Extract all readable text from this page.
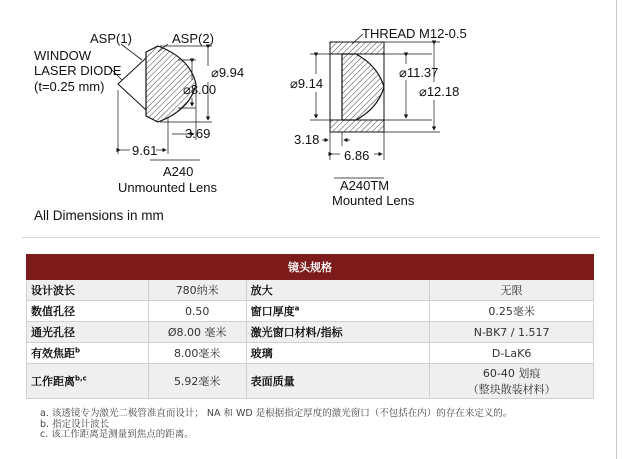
ASP(1)	ASP(2)
WINDOW
LASER DIODE
(t=0.25 mm)
⌀9.94
⌀8.00
3.69
9.61
A240
Unmounted Lens
THREAD M12-0.5
⌀9.14
⌀11.37
⌀12.18
3.18
6.86
A240TM
Mounted Lens
All Dimensions in mm
镜头规格			
设计波长	780纳米	放大	无限
数值孔径	0.50	窗口厚度$^a$	0.25毫米
通光孔径	Ø8.00 毫米	激光窗口材料/指标	N-BK7 / 1.517
有效焦距$^b$	8.00毫米	玻璃	D-LaK6
工作距离$^{b,c}$	5.92毫米	表面质量	60-40 划痕
（整块散装材料）
a. 该透镜专为激光二极管准直而设计； NA 和 WD 是根据指定厚度的激光窗口（不包括在内）的存在来定义的。
b. 指定设计波长
c. 该工作距离是测量到焦点的距离。
